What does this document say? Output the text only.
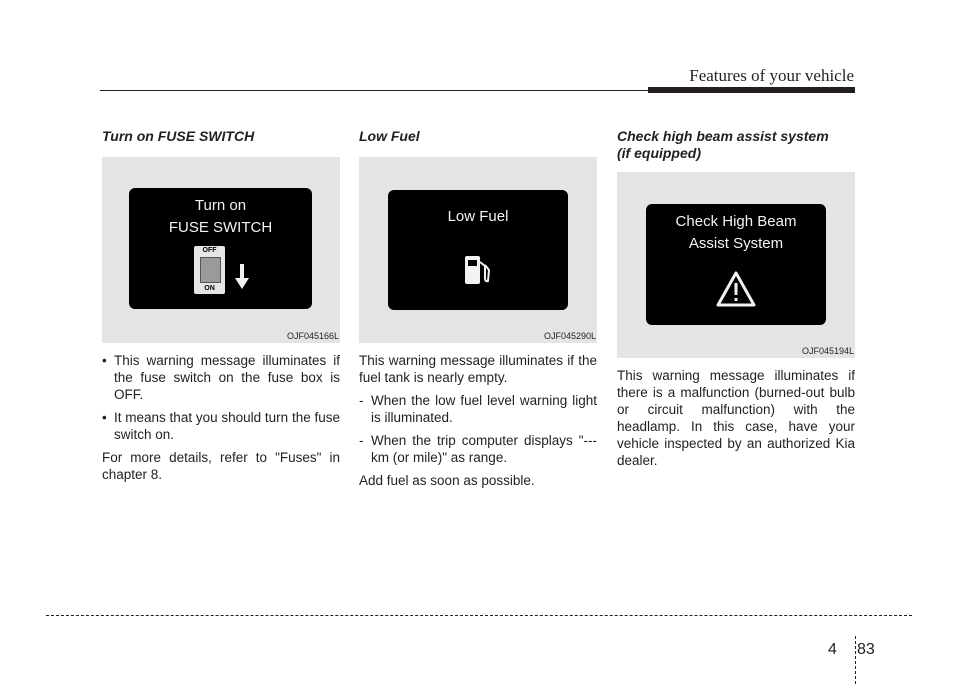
Features of your vehicle
Turn on FUSE SWITCH
Turn on
FUSE SWITCH
OFF
ON
OJF045166L
• This warning message illuminates if the fuse switch on the fuse box is OFF.
• It means that you should turn the fuse switch on.

For more details, refer to "Fuses" in chapter 8.

Low Fuel
Low Fuel
OJF045290L

This warning message illuminates if the fuel tank is nearly empty.

- When the low fuel level warning light is illuminated.
- When the trip computer displays "--- km (or mile)" as range.

Add fuel as soon as possible.

Check high beam assist system
(if equipped)
Check High Beam
Assist System
OJF045194L

This warning message illuminates if there is a malfunction (burned-out bulb or circuit malfunction) with the headlamp. In this case, have your vehicle inspected by an authorized Kia dealer.

4 83
